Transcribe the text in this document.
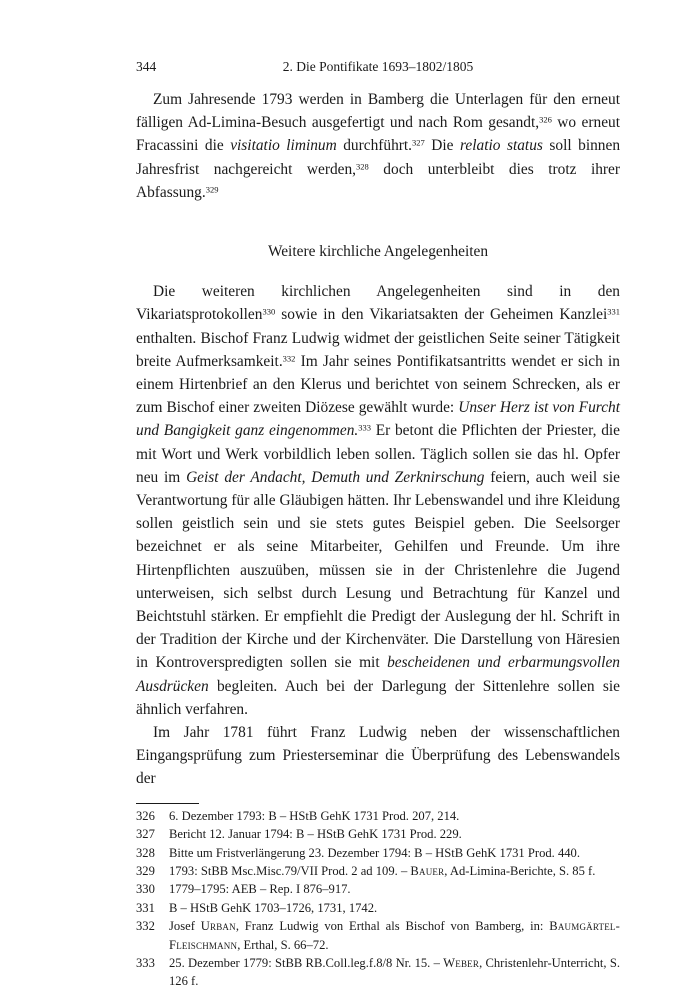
344	2. Die Pontifikate 1693–1802/1805

Zum Jahresende 1793 werden in Bamberg die Unterlagen für den erneut fälligen Ad-Limina-Besuch ausgefertigt und nach Rom gesandt,$^{326}$ wo erneut Fracassini die visitatio liminum durchführt.$^{327}$ Die relatio status soll binnen Jahresfrist nachgereicht werden,$^{328}$ doch unterbleibt dies trotz ihrer Abfassung.$^{329}$

Weitere kirchliche Angelegenheiten

Die weiteren kirchlichen Angelegenheiten sind in den Vikariatsprotokollen$^{330}$ sowie in den Vikariatsakten der Geheimen Kanzlei$^{331}$ enthalten. Bischof Franz Ludwig widmet der geistlichen Seite seiner Tätigkeit breite Aufmerksamkeit.$^{332}$ Im Jahr seines Pontifikatsantritts wendet er sich in einem Hirtenbrief an den Klerus und berichtet von seinem Schrecken, als er zum Bischof einer zweiten Diözese gewählt wurde: Unser Herz ist von Furcht und Bangigkeit ganz eingenommen.$^{333}$ Er betont die Pflichten der Priester, die mit Wort und Werk vorbildlich leben sollen. Täglich sollen sie das hl. Opfer neu im Geist der Andacht, Demuth und Zerknirschung feiern, auch weil sie Verantwortung für alle Gläubigen hätten. Ihr Lebenswandel und ihre Kleidung sollen geistlich sein und sie stets gutes Beispiel geben. Die Seelsorger bezeichnet er als seine Mitarbeiter, Gehilfen und Freunde. Um ihre Hirtenpflichten auszuüben, müssen sie in der Christenlehre die Jugend unterweisen, sich selbst durch Lesung und Betrachtung für Kanzel und Beichtstuhl stärken. Er empfiehlt die Predigt der Auslegung der hl. Schrift in der Tradition der Kirche und der Kirchenväter. Die Darstellung von Häresien in Kontroverspredigten sollen sie mit bescheidenen und erbarmungsvollen Ausdrücken begleiten. Auch bei der Darlegung der Sittenlehre sollen sie ähnlich verfahren.

Im Jahr 1781 führt Franz Ludwig neben der wissenschaftlichen Eingangsprüfung zum Priesterseminar die Überprüfung des Lebenswandels der

326	6. Dezember 1793: B – HStB GehK 1731 Prod. 207, 214.
327	Bericht 12. Januar 1794: B – HStB GehK 1731 Prod. 229.
328	Bitte um Fristverlängerung 23. Dezember 1794: B – HStB GehK 1731 Prod. 440.
329	1793: StBB Msc.Misc.79/VII Prod. 2 ad 109. – Bauer, Ad-Limina-Berichte, S. 85 f.
330	1779–1795: AEB – Rep. I 876–917.
331	B – HStB GehK 1703–1726, 1731, 1742.
332	Josef Urban, Franz Ludwig von Erthal als Bischof von Bamberg, in: Baumgärtel-Fleischmann, Erthal, S. 66–72.
333	25. Dezember 1779: StBB RB.Coll.leg.f.8/8 Nr. 15. – Weber, Christenlehr-Unterricht, S. 126 f.
